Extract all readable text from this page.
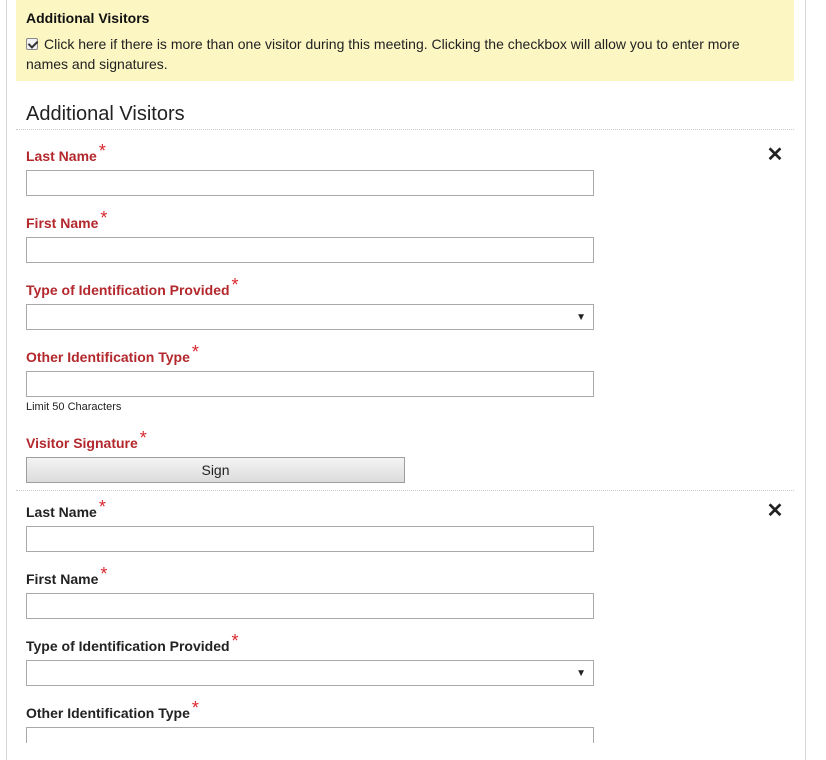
Additional Visitors
Click here if there is more than one visitor during this meeting. Clicking the checkbox will allow you to enter more names and signatures.
Additional Visitors
Last Name *	✕
First Name *
Type of Identification Provided *
▼
Other Identification Type *
Limit 50 Characters
Visitor Signature *
Sign
Last Name *	✕
First Name *
Type of Identification Provided *
▼
Other Identification Type *
